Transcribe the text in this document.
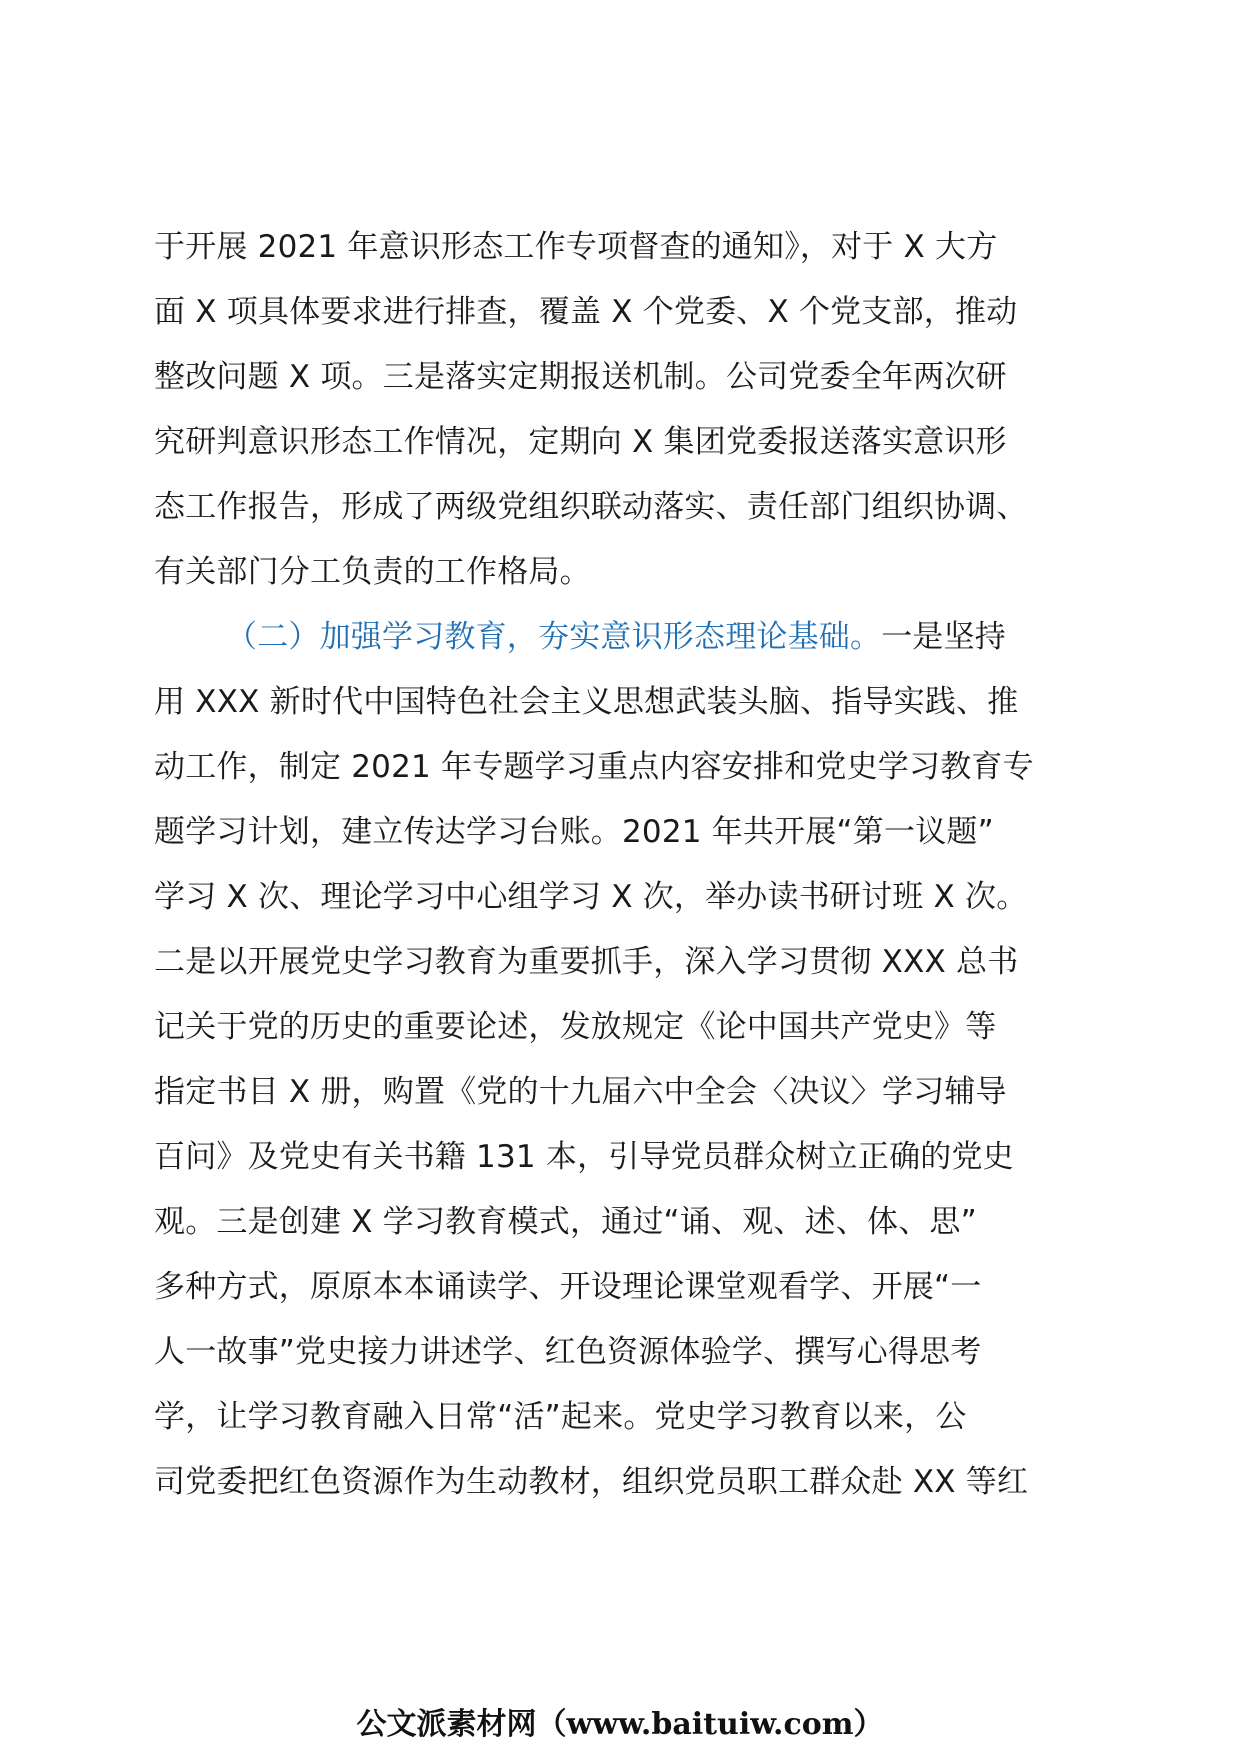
于开展 2021 年意识形态工作专项督查的通知》，对于 X 大方
面 X 项具体要求进行排查，覆盖 X 个党委、X 个党支部，推动
整改问题 X 项。三是落实定期报送机制。公司党委全年两次研
究研判意识形态工作情况，定期向 X 集团党委报送落实意识形
态工作报告，形成了两级党组织联动落实、责任部门组织协调、
有关部门分工负责的工作格局。
（二）加强学习教育，夯实意识形态理论基础。一是坚持
用 XXX 新时代中国特色社会主义思想武装头脑、指导实践、推
动工作，制定 2021 年专题学习重点内容安排和党史学习教育专
题学习计划，建立传达学习台账。2021 年共开展“第一议题”
学习 X 次、理论学习中心组学习 X 次，举办读书研讨班 X 次。
二是以开展党史学习教育为重要抓手，深入学习贯彻 XXX 总书
记关于党的历史的重要论述，发放规定《论中国共产党史》等
指定书目 X 册，购置《党的十九届六中全会〈决议〉学习辅导
百问》及党史有关书籍 131 本，引导党员群众树立正确的党史
观。三是创建 X 学习教育模式，通过“诵、观、述、体、思”
多种方式，原原本本诵读学、开设理论课堂观看学、开展“一
人一故事”党史接力讲述学、红色资源体验学、撰写心得思考
学，让学习教育融入日常“活”起来。党史学习教育以来，公
司党委把红色资源作为生动教材，组织党员职工群众赴 XX 等红
公文派素材网（www.baituiw.com）
